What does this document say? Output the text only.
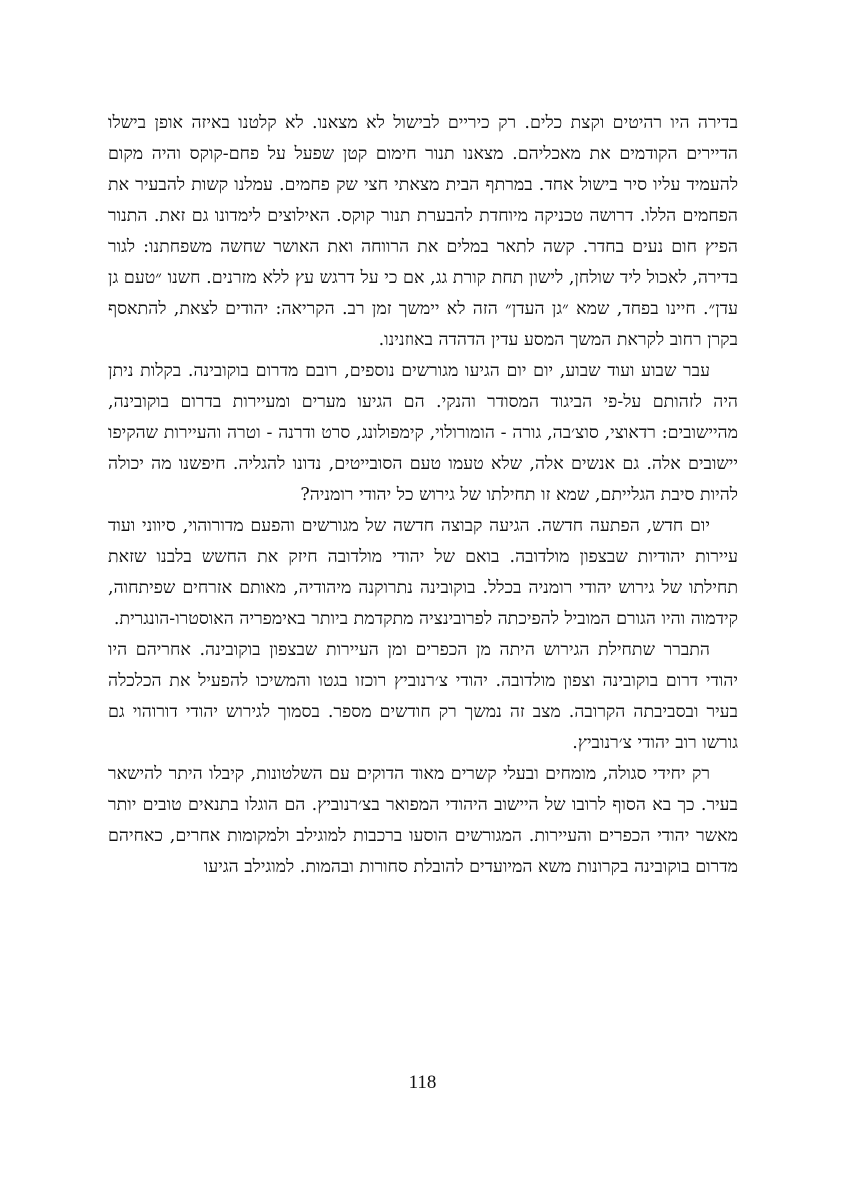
בדירה היו רהיטים וקצת כלים. רק כיריים לבישול לא מצאנו. לא קלטנו באיזה אופן בישלו הדיירים הקודמים את מאכליהם. מצאנו תנור חימום קטן שפעל על פחם-קוקס והיה מקום להעמיד עליו סיר בישול אחד. במרתף הבית מצאתי חצי שק פחמים. עמלנו קשות להבעיר את הפחמים הללו. דרושה טכניקה מיוחדת להבערת תנור קוקס. האילוצים לימדונו גם זאת. התנור הפיץ חום נעים בחדר. קשה לתאר במלים את הרווחה ואת האושר שחשה משפחתנו: לגור בדירה, לאכול ליד שולחן, לישון תחת קורת גג, אם כי על דרגש עץ ללא מזרנים. חשנו ״טעם גן עדן״. חיינו בפחד, שמא ״גן העדן״ הזה לא יימשך זמן רב. הקריאה: יהודים לצאת, להתאסף בקרן רחוב לקראת המשך המסע עדין הדהדה באוזנינו.

עבר שבוע ועוד שבוע, יום יום הגיעו מגורשים נוספים, רובם מדרום בוקובינה. בקלות ניתן היה לזהותם על-פי הביגוד המסודר והנקי. הם הגיעו מערים ומעיירות בדרום בוקובינה, מהיישובים: רדאוצי, סוצ׳בה, גורה - הומורולוי, קימפולונג, סרט ודרנה - וטרה והעיירות שהקיפו יישובים אלה. גם אנשים אלה, שלא טעמו טעם הסובייטים, נדונו להגליה. חיפשנו מה יכולה להיות סיבת הגלייתם, שמא זו תחילתו של גירוש כל יהודי רומניה?

יום חדש, הפתעה חדשה. הגיעה קבוצה חדשה של מגורשים והפעם מדורוהוי, סיווני ועוד עיירות יהודיות שבצפון מולדובה. בואם של יהודי מולדובה חיזק את החשש בלבנו שזאת תחילתו של גירוש יהודי רומניה בכלל. בוקובינה נתרוקנה מיהודיה, מאותם אזרחים שפיתחוה, קידמוה והיו הגורם המוביל להפיכתה לפרובינציה מתקדמת ביותר באימפריה האוסטרו-הונגרית.

התברר שתחילת הגירוש היתה מן הכפרים ומן העיירות שבצפון בוקובינה. אחריהם היו יהודי דרום בוקובינה וצפון מולדובה. יהודי צ׳רנוביץ רוכזו בגטו והמשיכו להפעיל את הכלכלה בעיר ובסביבתה הקרובה. מצב זה נמשך רק חודשים מספר. בסמוך לגירוש יהודי דורוהוי גם גורשו רוב יהודי צ׳רנוביץ.

רק יחידי סגולה, מומחים ובעלי קשרים מאוד הדוקים עם השלטונות, קיבלו היתר להישאר בעיר. כך בא הסוף לרובו של היישוב היהודי המפואר בצ׳רנוביץ. הם הוגלו בתנאים טובים יותר מאשר יהודי הכפרים והעיירות. המגורשים הוסעו ברכבות למוגילב ולמקומות אחרים, כאחיהם מדרום בוקובינה בקרונות משא המיועדים להובלת סחורות ובהמות. למוגילב הגיעו

118
